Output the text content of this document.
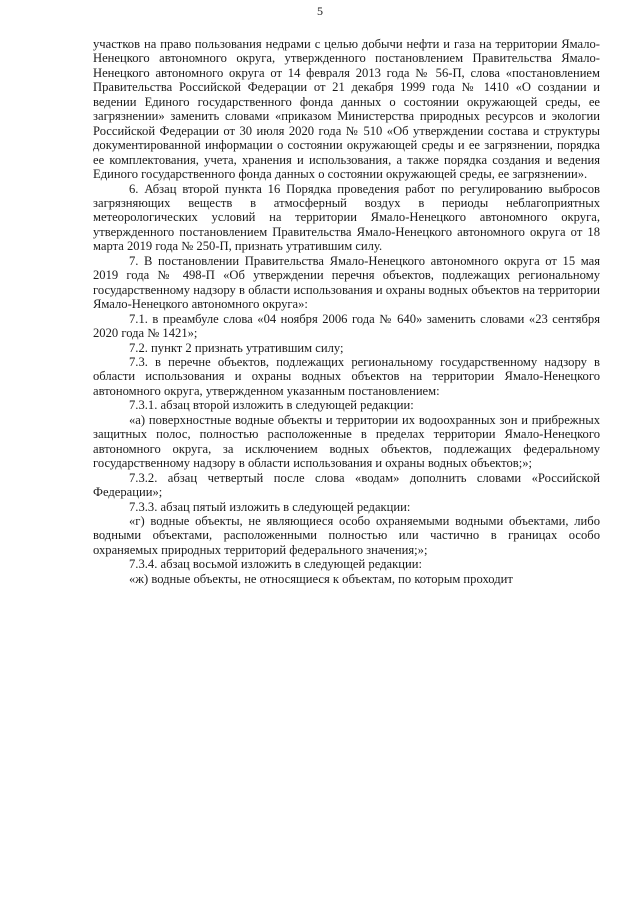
5

участков на право пользования недрами с целью добычи нефти и газа на территории Ямало-Ненецкого автономного округа, утвержденного постановлением Правительства Ямало-Ненецкого автономного округа от 14 февраля 2013 года № 56-П, слова «постановлением Правительства Российской Федерации от 21 декабря 1999 года № 1410 «О создании и ведении Единого государственного фонда данных о состоянии окружающей среды, ее загрязнении» заменить словами «приказом Министерства природных ресурсов и экологии Российской Федерации от 30 июля 2020 года № 510 «Об утверждении состава и структуры документированной информации о состоянии окружающей среды и ее загрязнении, порядка ее комплектования, учета, хранения и использования, а также порядка создания и ведения Единого государственного фонда данных о состоянии окружающей среды, ее загрязнении».

6. Абзац второй пункта 16 Порядка проведения работ по регулированию выбросов загрязняющих веществ в атмосферный воздух в периоды неблагоприятных метеорологических условий на территории Ямало-Ненецкого автономного округа, утвержденного постановлением Правительства Ямало-Ненецкого автономного округа от 18 марта 2019 года № 250-П, признать утратившим силу.

7. В постановлении Правительства Ямало-Ненецкого автономного округа от 15 мая 2019 года № 498-П «Об утверждении перечня объектов, подлежащих региональному государственному надзору в области использования и охраны водных объектов на территории Ямало-Ненецкого автономного округа»:

7.1. в преамбуле слова «04 ноября 2006 года № 640» заменить словами «23 сентября 2020 года № 1421»;

7.2. пункт 2 признать утратившим силу;

7.3. в перечне объектов, подлежащих региональному государственному надзору в области использования и охраны водных объектов на территории Ямало-Ненецкого автономного округа, утвержденном указанным постановлением:

7.3.1. абзац второй изложить в следующей редакции:

«а) поверхностные водные объекты и территории их водоохранных зон и прибрежных защитных полос, полностью расположенные в пределах территории Ямало-Ненецкого автономного округа, за исключением водных объектов, подлежащих федеральному государственному надзору в области использования и охраны водных объектов;»;

7.3.2. абзац четвертый после слова «водам» дополнить словами «Российской Федерации»;

7.3.3. абзац пятый изложить в следующей редакции:

«г) водные объекты, не являющиеся особо охраняемыми водными объектами, либо водными объектами, расположенными полностью или частично в границах особо охраняемых природных территорий федерального значения;»;

7.3.4. абзац восьмой изложить в следующей редакции:

«ж) водные объекты, не относящиеся к объектам, по которым проходит
